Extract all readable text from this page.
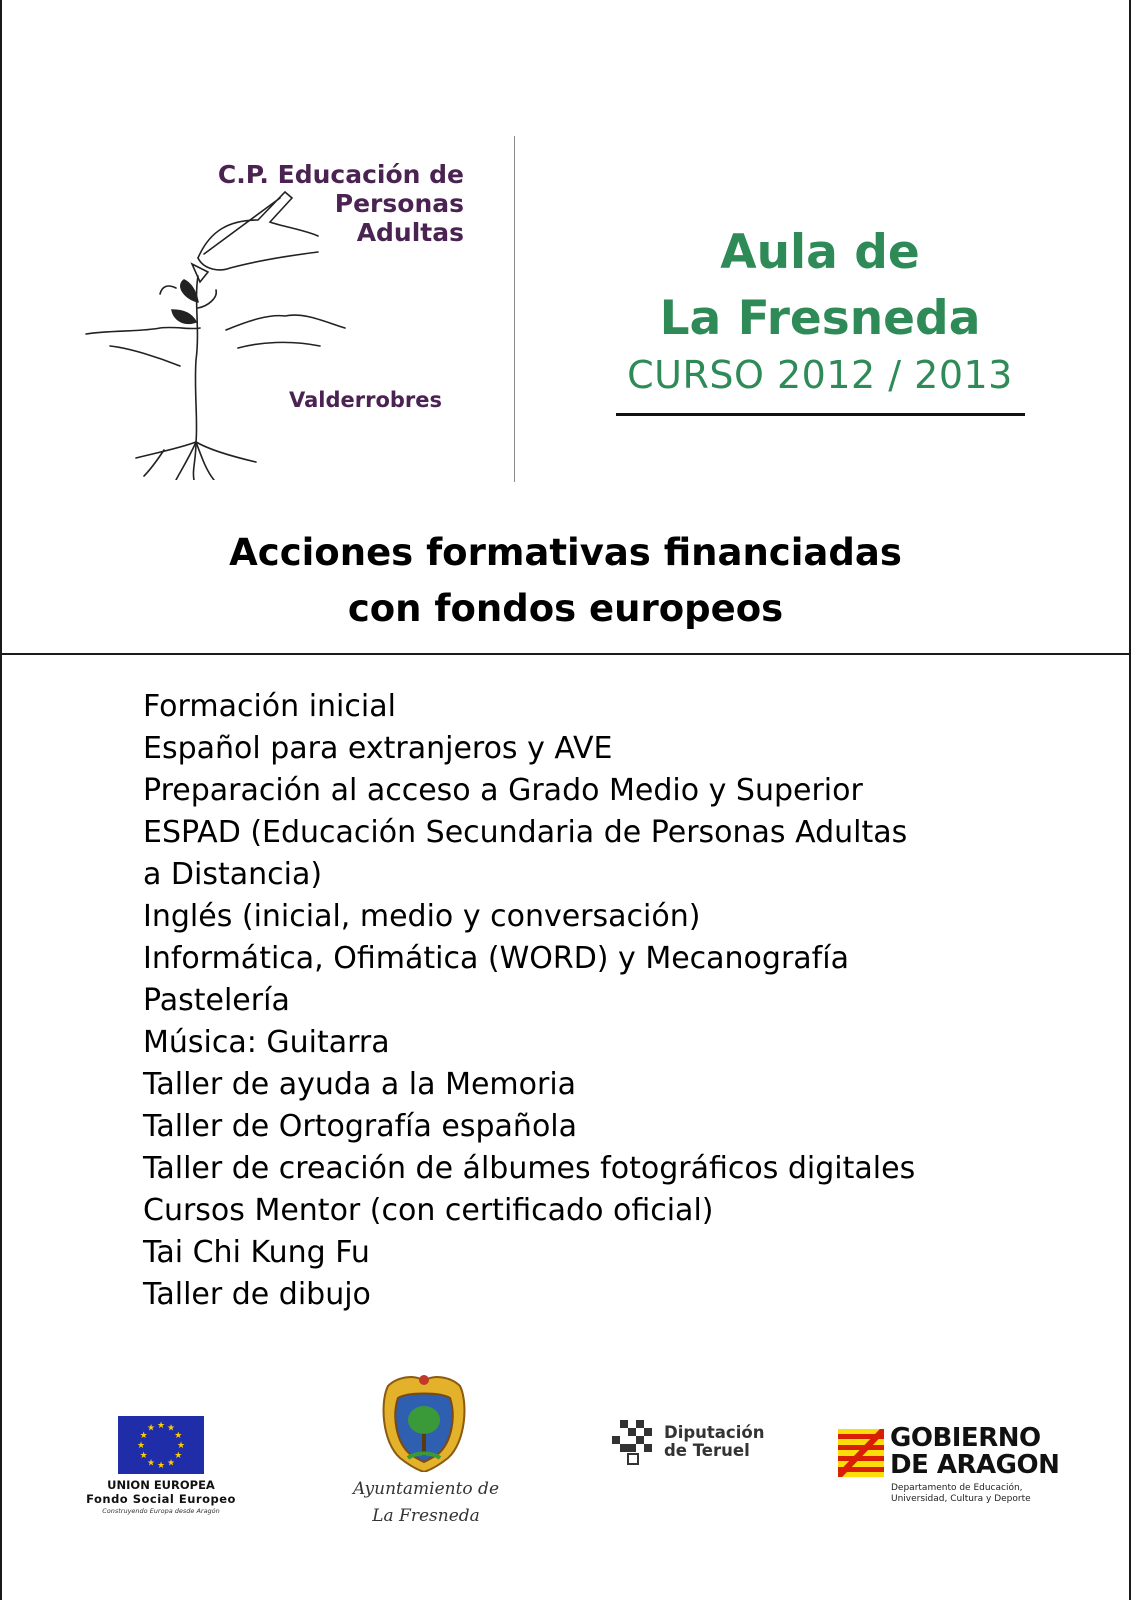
C.P. Educación de
Personas
Adultas
Valderrobres
Aula de
La Fresneda
CURSO 2012 / 2013
Acciones formativas financiadas
con fondos europeos
Formación inicial
Español para extranjeros y AVE
Preparación al acceso a Grado Medio y Superior
ESPAD (Educación Secundaria de Personas Adultas
a Distancia)
Inglés (inicial, medio y conversación)
Informática, Ofimática (WORD) y Mecanografía
Pastelería
Música: Guitarra
Taller de ayuda a la Memoria
Taller de Ortografía española
Taller de creación de álbumes fotográficos digitales
Cursos Mentor (con certificado oficial)
Tai Chi Kung Fu
Taller de dibujo
★ ★
★
★
★
★
★
★
★
★
★
★
UNION EUROPEA
Fondo Social Europeo
Construyendo Europa desde Aragón
Ayuntamiento de
La Fresneda
Diputación
de Teruel	GOBIERNO
DE ARAGON
Departamento de Educación,
Universidad, Cultura y Deporte
